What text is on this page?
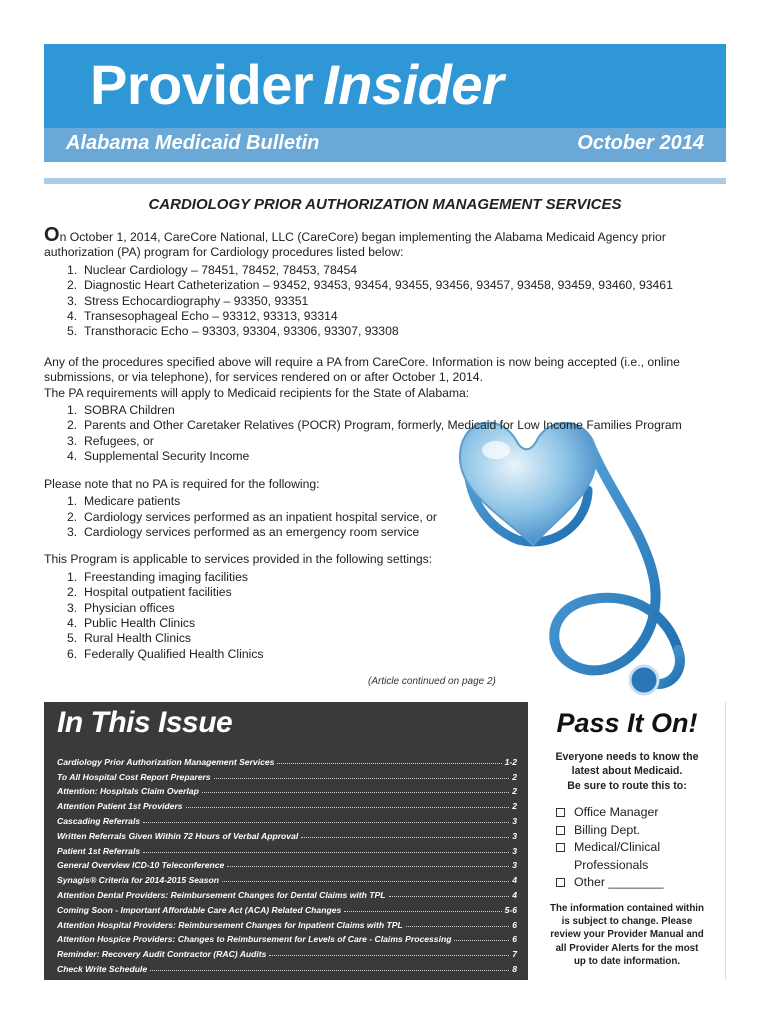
Provider Insider
Alabama Medicaid Bulletin	October 2014
CARDIOLOGY PRIOR AUTHORIZATION MANAGEMENT SERVICES

On October 1, 2014, CareCore National, LLC (CareCore) began implementing the Alabama Medicaid Agency prior authorization (PA) program for Cardiology procedures listed below:

1. Nuclear Cardiology – 78451, 78452, 78453, 78454
2. Diagnostic Heart Catheterization – 93452, 93453, 93454, 93455, 93456, 93457, 93458, 93459, 93460, 93461
3. Stress Echocardiography – 93350, 93351
4. Transesophageal Echo – 93312, 93313, 93314
5. Transthoracic Echo – 93303, 93304, 93306, 93307, 93308

Any of the procedures specified above will require a PA from CareCore. Information is now being accepted (i.e., online submissions, or via telephone), for services rendered on or after October 1, 2014.

The PA requirements will apply to Medicaid recipients for the State of Alabama:

1. SOBRA Children
2. Parents and Other Caretaker Relatives (POCR) Program, formerly, Medicaid for Low Income Families Program
3. Refugees, or
4. Supplemental Security Income

Please note that no PA is required for the following:

1. Medicare patients
2. Cardiology services performed as an inpatient hospital service, or
3. Cardiology services performed as an emergency room service

This Program is applicable to services provided in the following settings:

1. Freestanding imaging facilities
2. Hospital outpatient facilities
3. Physician offices
4. Public Health Clinics
5. Rural Health Clinics
6. Federally Qualified Health Clinics
(Article continued on page 2)
In This Issue
Cardiology Prior Authorization Management Services	1-2
To All Hospital Cost Report Preparers	2
Attention: Hospitals Claim Overlap	2
Attention Patient 1st Providers	2
Cascading Referrals	3
Written Referrals Given Within 72 Hours of Verbal Approval	3
Patient 1st Referrals	3
General Overview ICD-10 Teleconference	3
Synagis® Criteria for 2014-2015 Season	4
Attention Dental Providers: Reimbursement Changes for Dental Claims with TPL	4
Coming Soon - Important Affordable Care Act (ACA) Related Changes	5-6
Attention Hospital Providers: Reimbursement Changes for Inpatient Claims with TPL	6
Attention Hospice Providers: Changes to Reimbursement for Levels of Care - Claims Processing	6
Reminder: Recovery Audit Contractor (RAC) Audits	7
Check Write Schedule	8
Pass It On!
Everyone needs to know the
latest about Medicaid.
Be sure to route this to:
Office Manager
Billing Dept.
Medical/Clinical Professionals
Other ________
The information contained within
is subject to change. Please
review your Provider Manual and
all Provider Alerts for the most
up to date information.
